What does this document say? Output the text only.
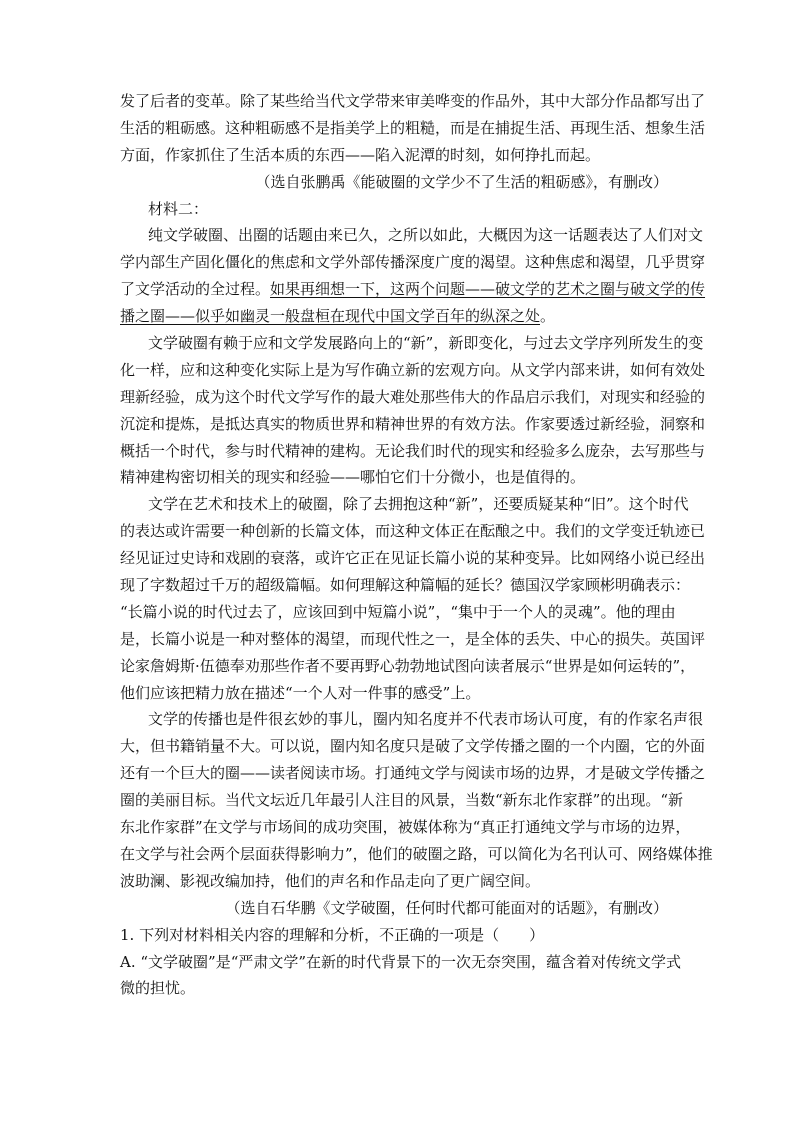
发了后者的变革。除了某些给当代文学带来审美哗变的作品外，其中大部分作品都写出了
生活的粗砺感。这种粗砺感不是指美学上的粗糙，而是在捕捉生活、再现生活、想象生活
方面，作家抓住了生活本质的东西——陷入泥潭的时刻，如何挣扎而起。
（选自张鹏禹《能破圈的文学少不了生活的粗砺感》，有删改）
材料二：
纯文学破圈、出圈的话题由来已久，之所以如此，大概因为这一话题表达了人们对文
学内部生产固化僵化的焦虑和文学外部传播深度广度的渴望。这种焦虑和渴望，几乎贯穿
了文学活动的全过程。如果再细想一下，这两个问题——破文学的艺术之圈与破文学的传
播之圈——似乎如幽灵一般盘桓在现代中国文学百年的纵深之处。
文学破圈有赖于应和文学发展路向上的“新”，新即变化，与过去文学序列所发生的变
化一样，应和这种变化实际上是为写作确立新的宏观方向。从文学内部来讲，如何有效处
理新经验，成为这个时代文学写作的最大难处那些伟大的作品启示我们，对现实和经验的
沉淀和提炼，是抵达真实的物质世界和精神世界的有效方法。作家要透过新经验，洞察和
概括一个时代，参与时代精神的建构。无论我们时代的现实和经验多么庞杂，去写那些与
精神建构密切相关的现实和经验——哪怕它们十分微小，也是值得的。
文学在艺术和技术上的破圈，除了去拥抱这种“新”，还要质疑某种“旧”。这个时代
的表达或许需要一种创新的长篇文体，而这种文体正在酝酿之中。我们的文学变迁轨迹已
经见证过史诗和戏剧的衰落，或许它正在见证长篇小说的某种变异。比如网络小说已经出
现了字数超过千万的超级篇幅。如何理解这种篇幅的延长？德国汉学家顾彬明确表示：
“长篇小说的时代过去了，应该回到中短篇小说”，“集中于一个人的灵魂”。他的理由
是，长篇小说是一种对整体的渴望，而现代性之一，是全体的丢失、中心的损失。英国评
论家詹姆斯·伍德奉劝那些作者不要再野心勃勃地试图向读者展示“世界是如何运转的”，
他们应该把精力放在描述“一个人对一件事的感受”上。
文学的传播也是件很玄妙的事儿，圈内知名度并不代表市场认可度，有的作家名声很
大，但书籍销量不大。可以说，圈内知名度只是破了文学传播之圈的一个内圈，它的外面
还有一个巨大的圈——读者阅读市场。打通纯文学与阅读市场的边界，才是破文学传播之
圈的美丽目标。当代文坛近几年最引人注目的风景，当数“新东北作家群”的出现。“新
东北作家群”在文学与市场间的成功突围，被媒体称为“真正打通纯文学与市场的边界，
在文学与社会两个层面获得影响力”，他们的破圈之路，可以简化为名刊认可、网络媒体推
波助澜、影视改编加持，他们的声名和作品走向了更广阔空间。
（选自石华鹏《文学破圈，任何时代都可能面对的话题》，有删改）
1. 下列对材料相关内容的理解和分析，不正确的一项是（　　）
A. “文学破圈”是“严肃文学”在新的时代背景下的一次无奈突围，蕴含着对传统文学式
微的担忧。
